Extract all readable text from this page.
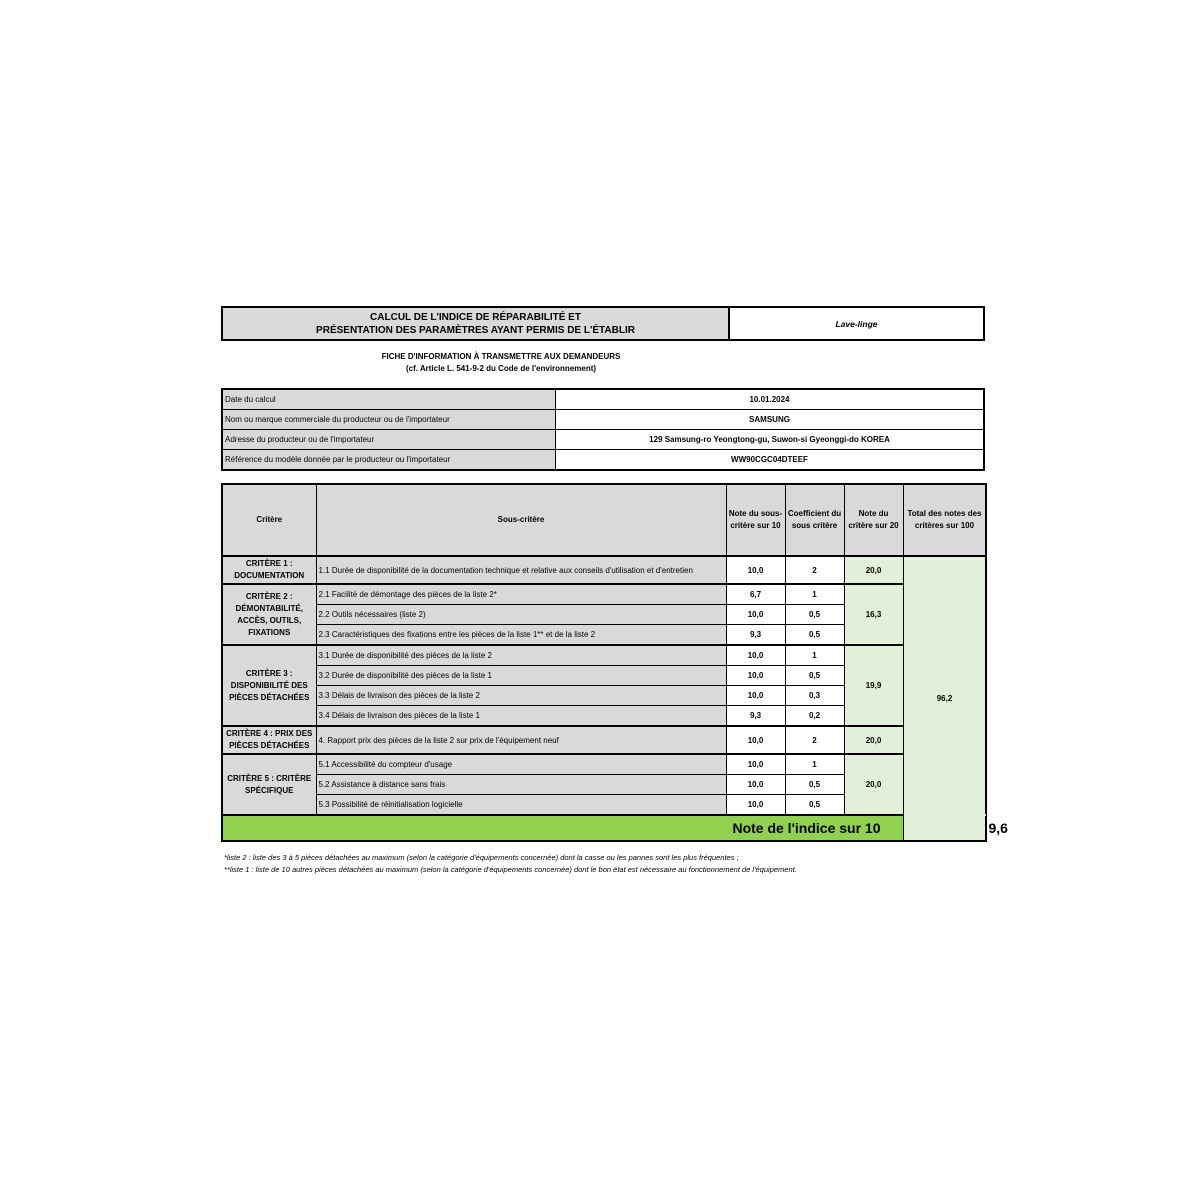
CALCUL DE L'INDICE DE RÉPARABILITÉ ET
PRÉSENTATION DES PARAMÈTRES AYANT PERMIS DE L'ÉTABLIR
Lave-linge
FICHE D'INFORMATION À TRANSMETTRE AUX DEMANDEURS
(cf. Article L. 541-9-2 du Code de l'environnement)
Date du calcul	10.01.2024
Nom ou marque commerciale du producteur ou de l'importateur	SAMSUNG
Adresse du producteur ou de l'importateur	129 Samsung-ro Yeongtong-gu, Suwon-si Gyeonggi-do KOREA
Référence du modèle donnée par le producteur ou l'importateur	WW90CGC04DTEEF
Critère	Sous-critère	Note du sous-critère sur 10	Coefficient du sous critère	Note du critère sur 20	Total des notes des critères sur 100	
CRITÈRE 1 : DOCUMENTATION	1.1 Durée de disponibilité de la documentation technique et relative aux conseils d'utilisation et d'entretien	10,0	2	20,0	96,2	
CRITÈRE 2 : DÉMONTABILITÉ, ACCÈS, OUTILS, FIXATIONS	2.1 Facilité de démontage des pièces de la liste 2*	6,7	1	16,3		
	2.2 Outils nécessaires (liste 2)	10,0	0,5			
	2.3 Caractéristiques des fixations entre les pièces de la liste 1** et de la liste 2	9,3	0,5			
CRITÈRE 3 : DISPONIBILITÉ DES PIÈCES DÉTACHÉES	3.1 Durée de disponibilité des pièces de la liste 2	10,0	1	19,9		
	3.2 Durée de disponibilité des pièces de la liste 1	10,0	0,5			
	3.3 Délais de livraison des pièces de la liste 2	10,0	0,3			
	3.4 Délais de livraison des pièces de la liste 1	9,3	0,2			
CRITÈRE 4 : PRIX DES PIÈCES DÉTACHÉES	4. Rapport prix des pièces de la liste 2 sur prix de l'équipement neuf	10,0	2	20,0		
CRITÈRE 5 : CRITÈRE SPÉCIFIQUE	5.1 Accessibilité du compteur d'usage	10,0	1	20,0		
	5.2 Assistance à distance sans frais	10,0	0,5			
	5.3 Possibilité de réinitialisation logicielle	10,0	0,5			
Note de l'indice sur 10						9,6
*liste 2 : liste des 3 à 5 pièces détachées au maximum (selon la catégorie d'équipements concernée) dont la casse ou les pannes sont les plus fréquentes ;
**liste 1 : liste de 10 autres pièces détachées au maximum (selon la catégorie d'équipements concernée) dont le bon état est nécessaire au fonctionnement de l'équipement.
